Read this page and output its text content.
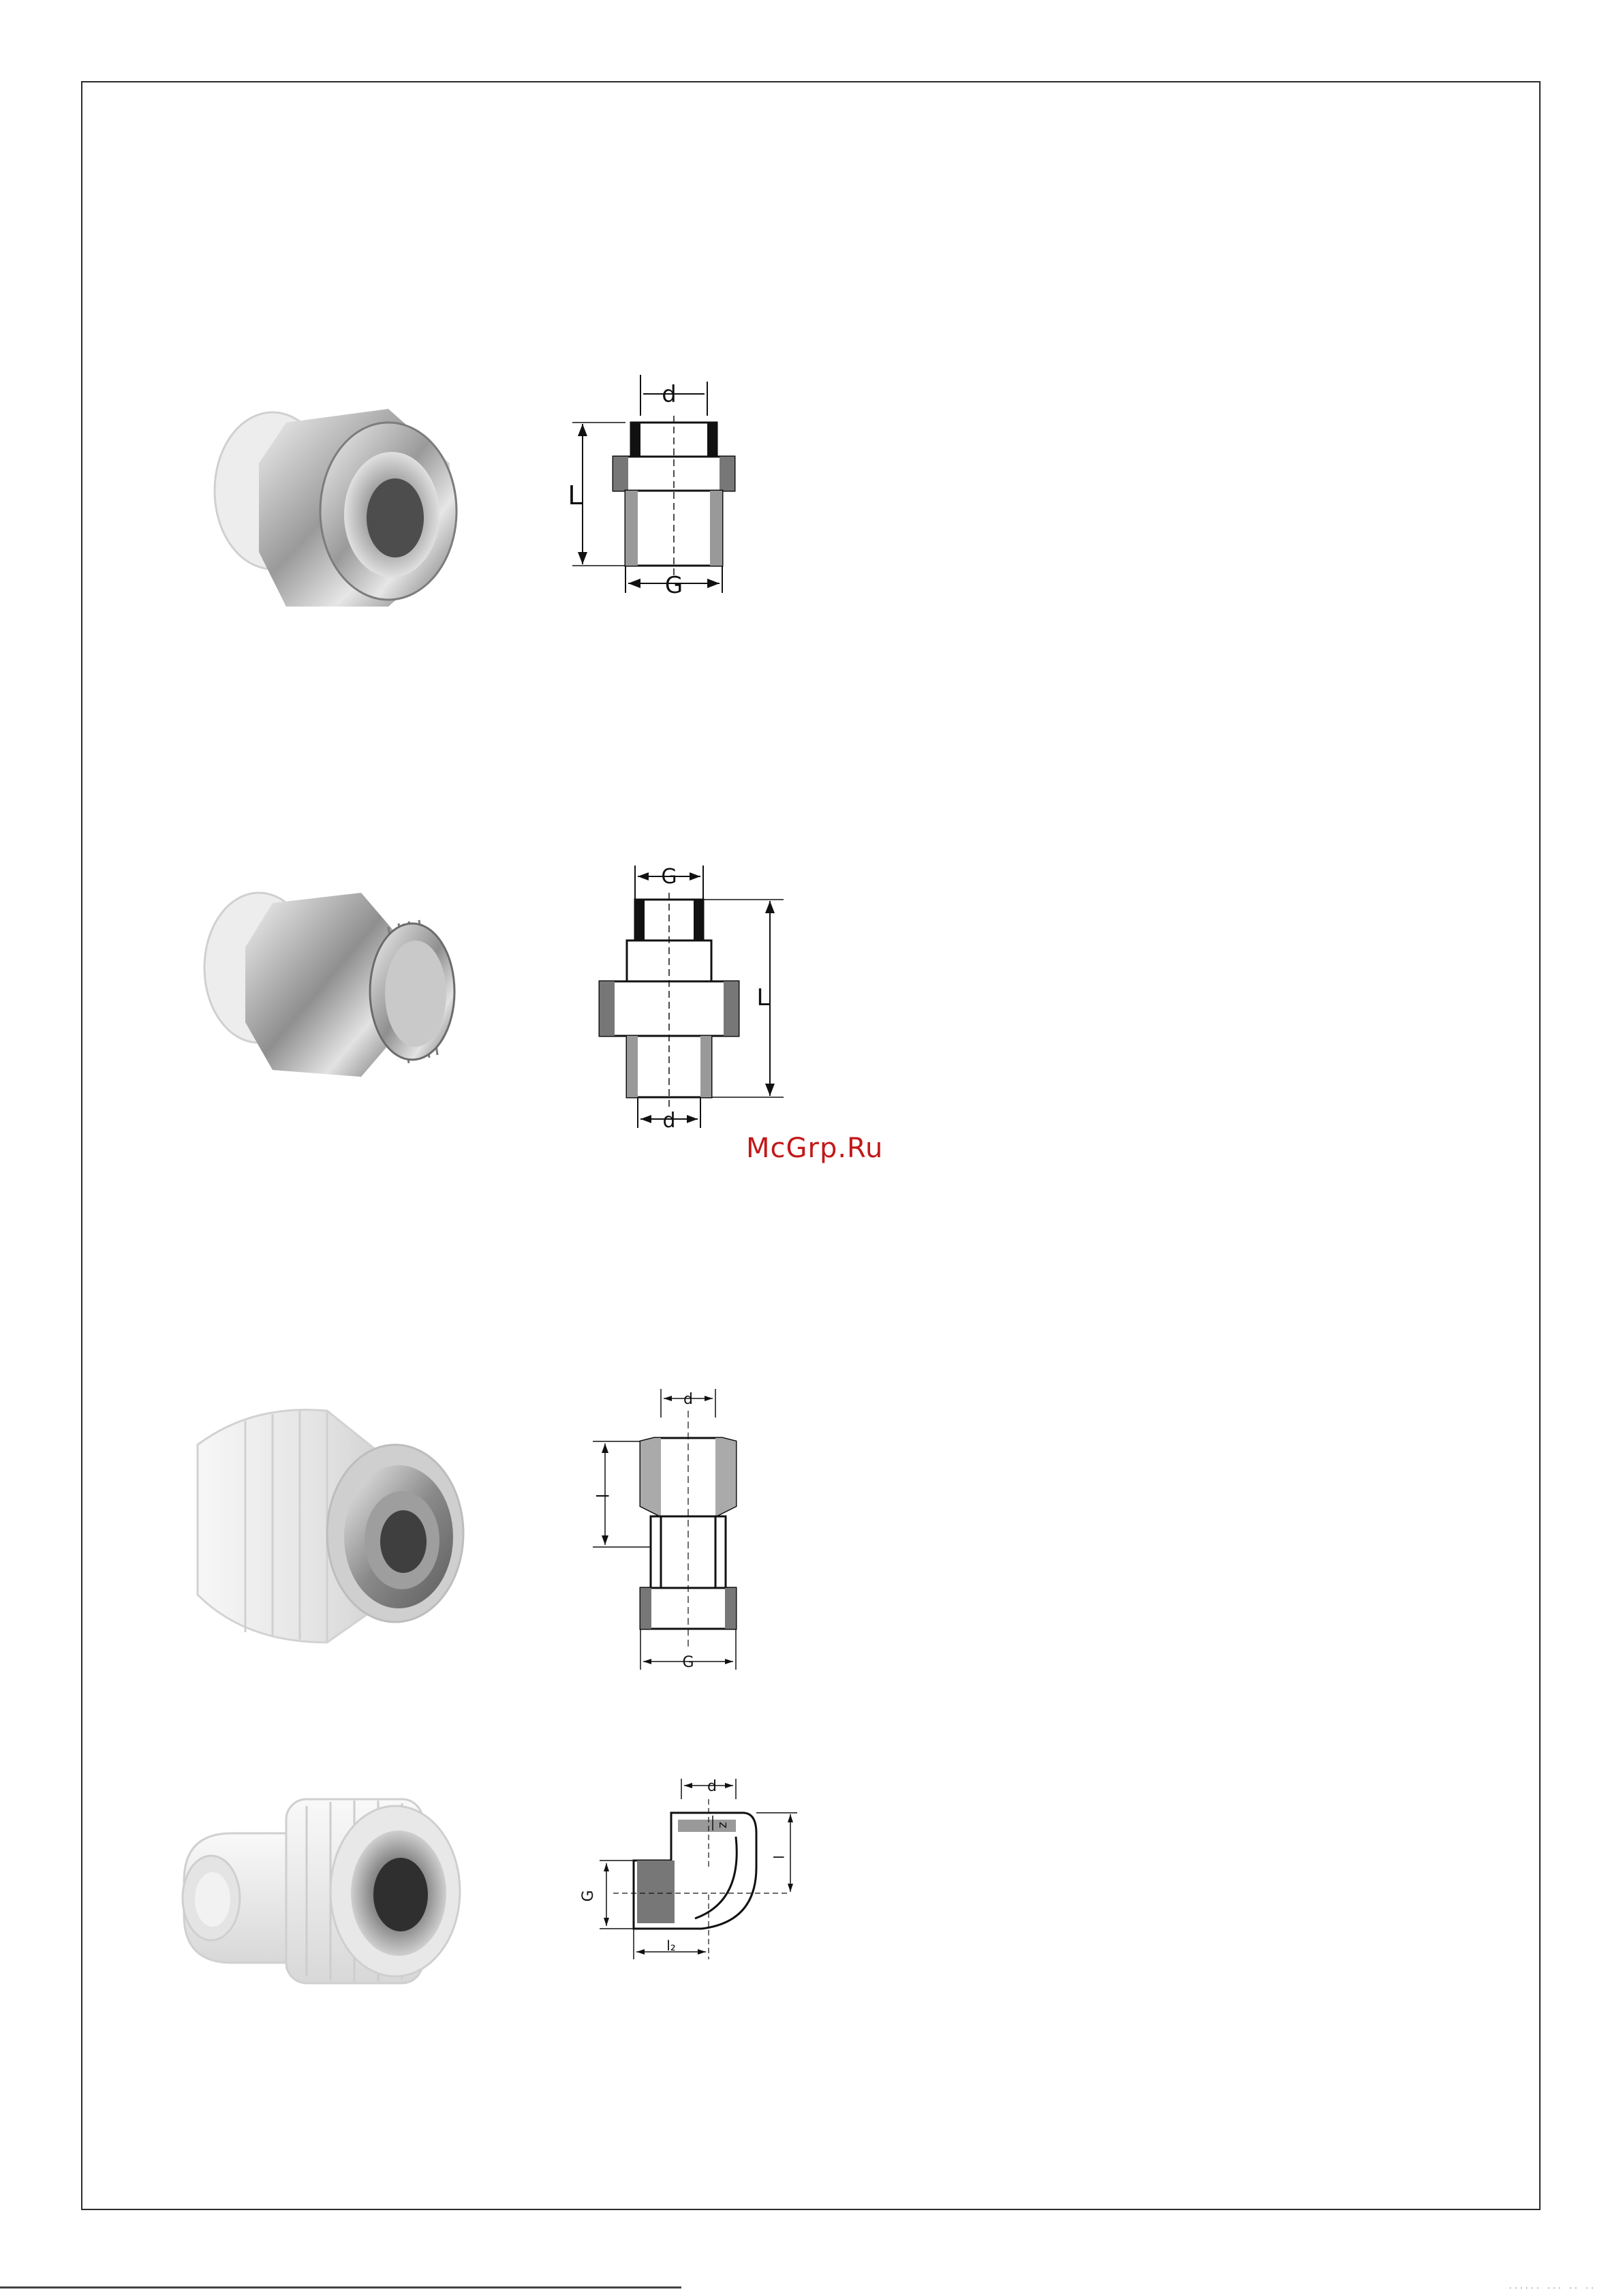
d
L
G

G
L
d

McGrp.Ru
d
l
G

d
z
l
G
l₂

...... ... .. ..
